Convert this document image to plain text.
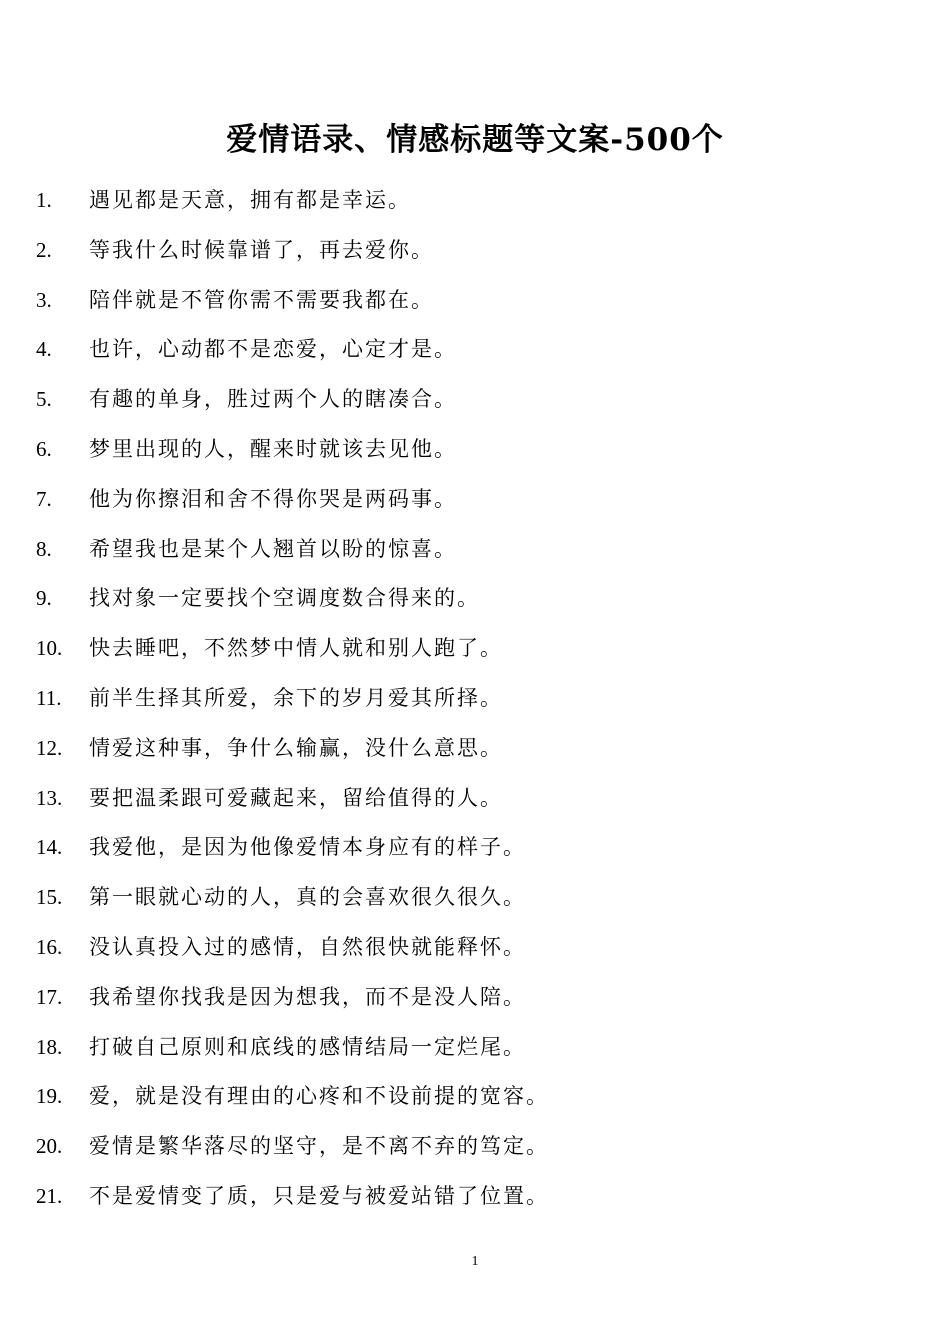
爱情语录、情感标题等文案-500个
1. 遇见都是天意，拥有都是幸运。
2. 等我什么时候靠谱了，再去爱你。
3. 陪伴就是不管你需不需要我都在。
4. 也许，心动都不是恋爱，心定才是。
5. 有趣的单身，胜过两个人的瞎凑合。
6. 梦里出现的人，醒来时就该去见他。
7. 他为你擦泪和舍不得你哭是两码事。
8. 希望我也是某个人翘首以盼的惊喜。
9. 找对象一定要找个空调度数合得来的。
10. 快去睡吧，不然梦中情人就和别人跑了。
11. 前半生择其所爱，余下的岁月爱其所择。
12. 情爱这种事，争什么输赢，没什么意思。
13. 要把温柔跟可爱藏起来，留给值得的人。
14. 我爱他，是因为他像爱情本身应有的样子。
15. 第一眼就心动的人，真的会喜欢很久很久。
16. 没认真投入过的感情，自然很快就能释怀。
17. 我希望你找我是因为想我，而不是没人陪。
18. 打破自己原则和底线的感情结局一定烂尾。
19. 爱，就是没有理由的心疼和不设前提的宽容。
20. 爱情是繁华落尽的坚守，是不离不弃的笃定。
21. 不是爱情变了质，只是爱与被爱站错了位置。
1
